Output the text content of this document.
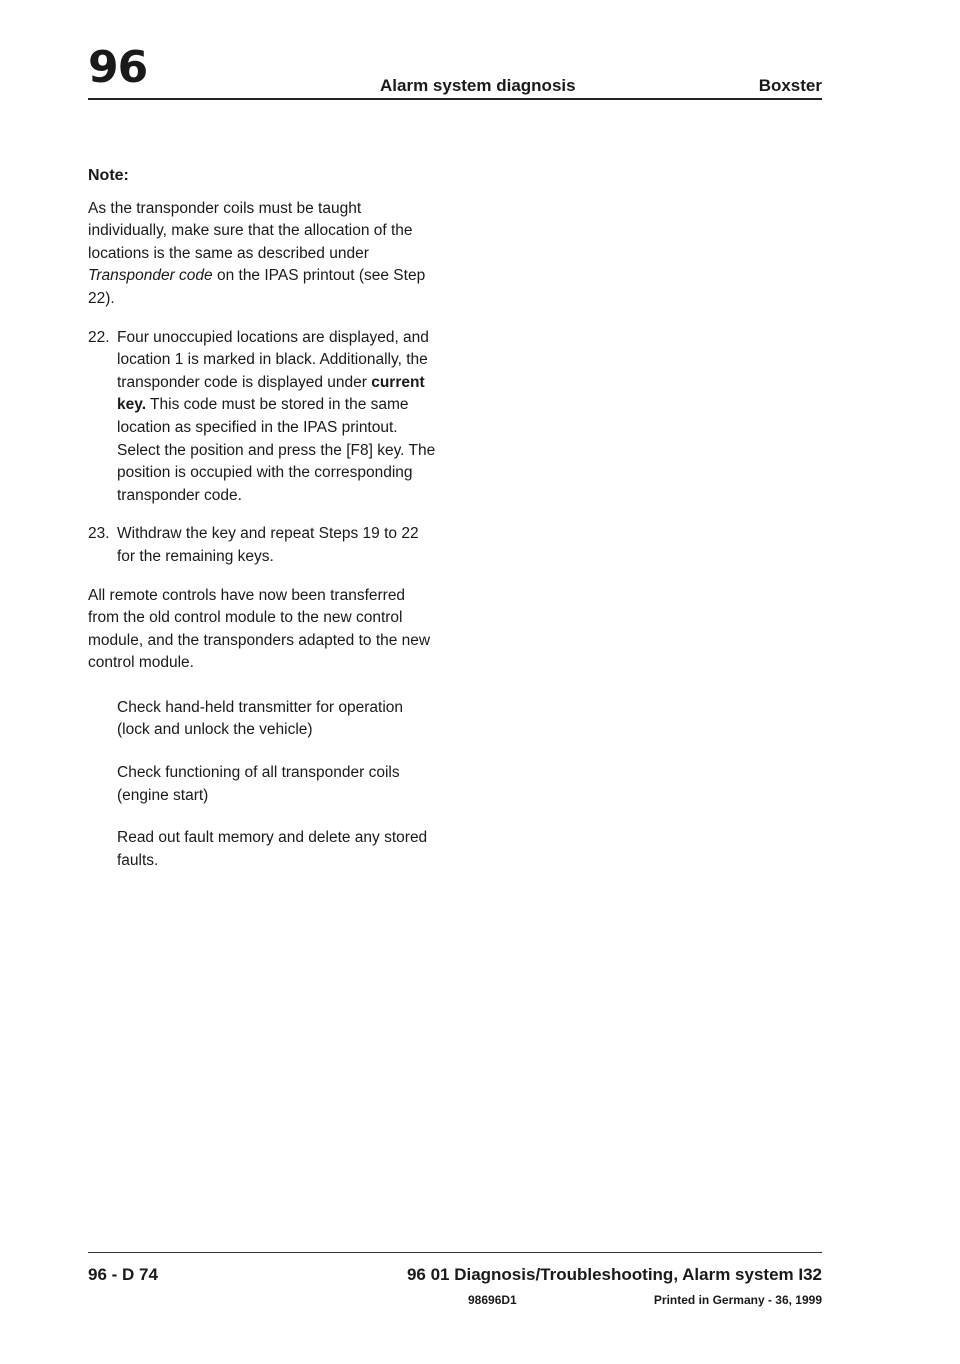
96	Alarm system diagnosis	Boxster
Note:

As the transponder coils must be taught individually, make sure that the allocation of the locations is the same as described under Transponder code on the IPAS printout (see Step 22).

22. Four unoccupied locations are displayed, and location 1 is marked in black. Additionally, the transponder code is displayed under current key. This code must be stored in the same location as specified in the IPAS printout.

Select the position and press the [F8] key. The position is occupied with the corresponding transponder code.

23. Withdraw the key and repeat Steps 19 to 22 for the remaining keys.

All remote controls have now been transferred from the old control module to the new control module, and the transponders adapted to the new control module.

Check hand-held transmitter for operation (lock and unlock the vehicle)

Check functioning of all transponder coils (engine start)

Read out fault memory and delete any stored faults.

96 - D 74	96 01 Diagnosis/Troubleshooting, Alarm system I32
98696D1	Printed in Germany - 36, 1999
